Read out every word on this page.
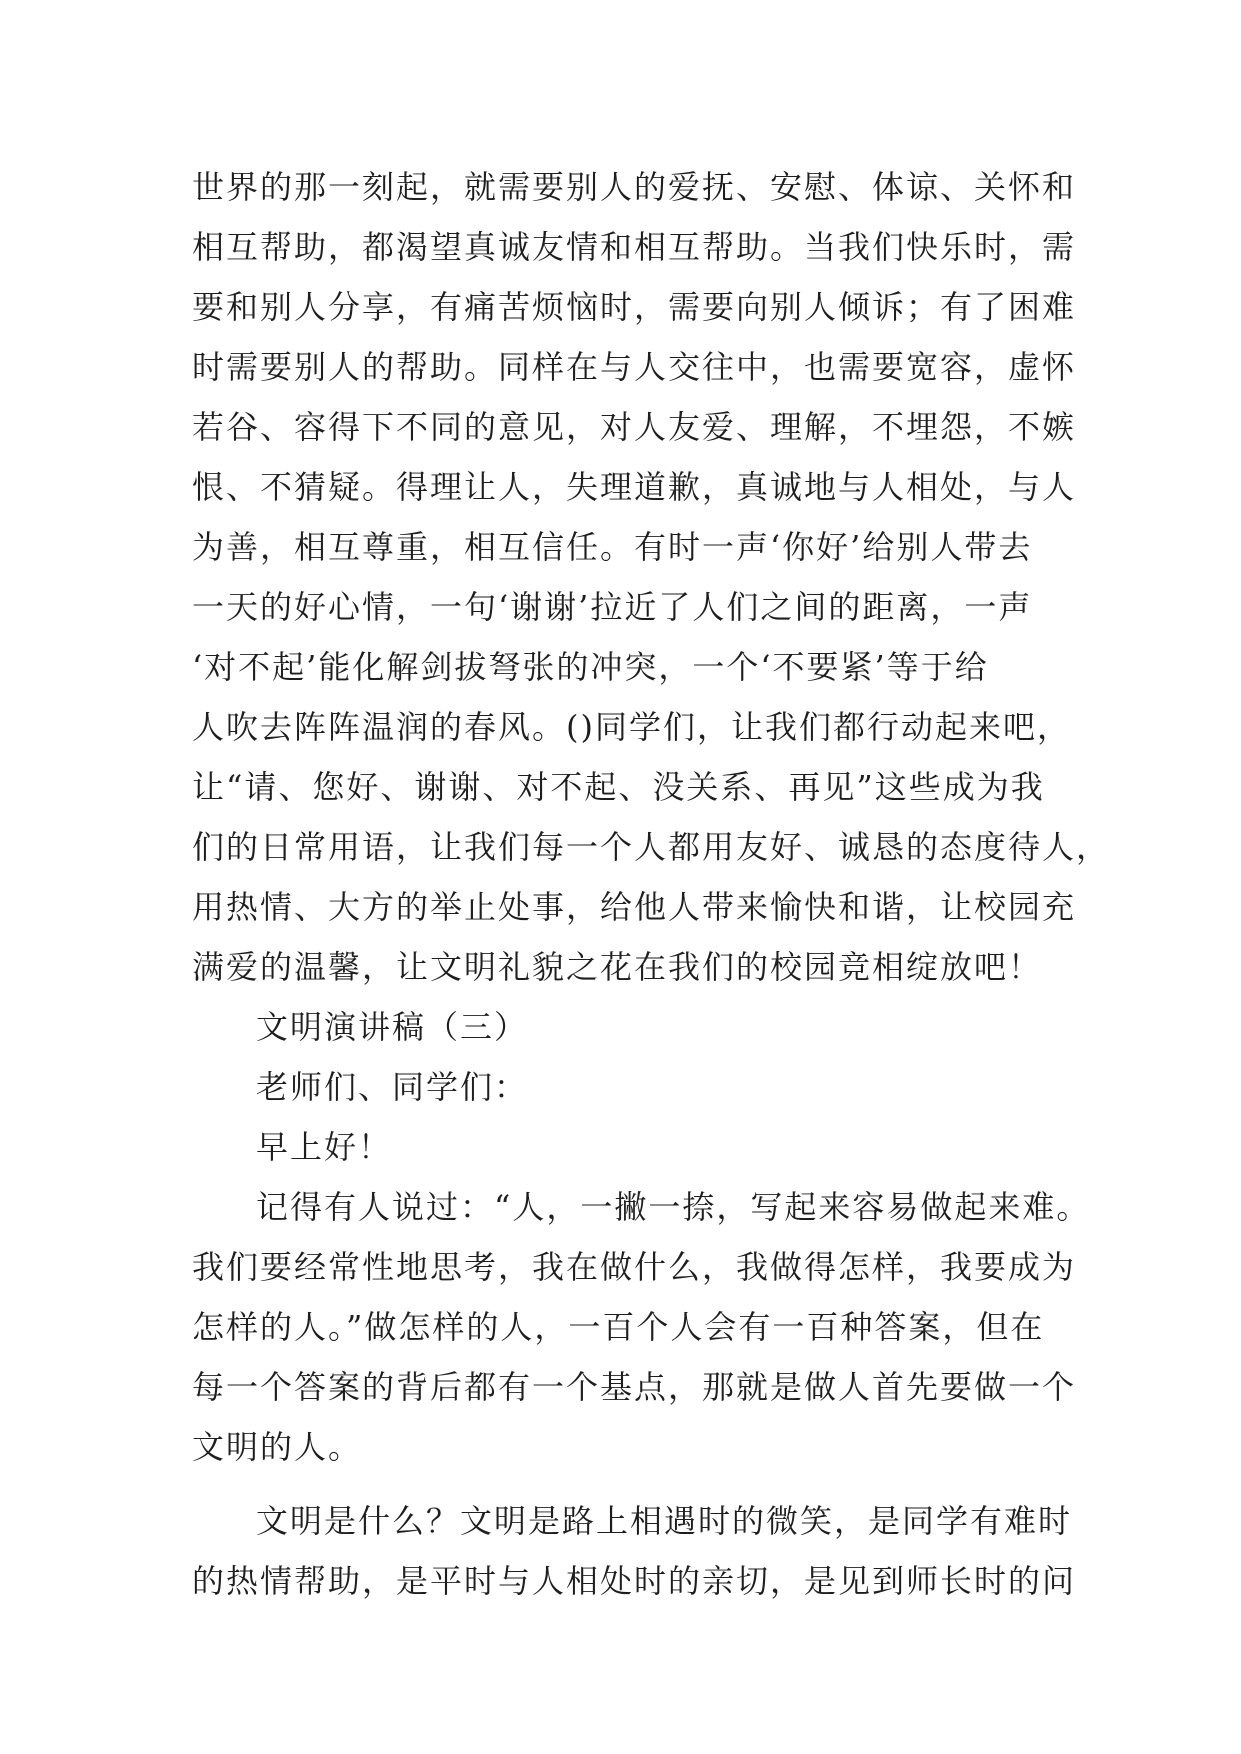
世界的那一刻起，就需要别人的爱抚、安慰、体谅、关怀和

相互帮助，都渴望真诚友情和相互帮助。当我们快乐时，需

要和别人分享，有痛苦烦恼时，需要向别人倾诉；有了困难

时需要别人的帮助。同样在与人交往中，也需要宽容，虚怀

若谷、容得下不同的意见，对人友爱、理解，不埋怨，不嫉

恨、不猜疑。得理让人，失理道歉，真诚地与人相处，与人

为善，相互尊重，相互信任。有时一声‘你好’给别人带去

一天的好心情，一句‘谢谢’拉近了人们之间的距离，一声

‘对不起’能化解剑拔弩张的冲突，一个‘不要紧’等于给

人吹去阵阵温润的春风。()同学们，让我们都行动起来吧，

让“请、您好、谢谢、对不起、没关系、再见”这些成为我

们的日常用语，让我们每一个人都用友好、诚恳的态度待人，

用热情、大方的举止处事，给他人带来愉快和谐，让校园充

满爱的温馨，让文明礼貌之花在我们的校园竞相绽放吧！

文明演讲稿（三）

老师们、同学们：

早上好！

记得有人说过：“人，一撇一捺，写起来容易做起来难。

我们要经常性地思考，我在做什么，我做得怎样，我要成为

怎样的人。”做怎样的人，一百个人会有一百种答案，但在

每一个答案的背后都有一个基点，那就是做人首先要做一个

文明的人。

文明是什么？文明是路上相遇时的微笑，是同学有难时

的热情帮助，是平时与人相处时的亲切，是见到师长时的问
